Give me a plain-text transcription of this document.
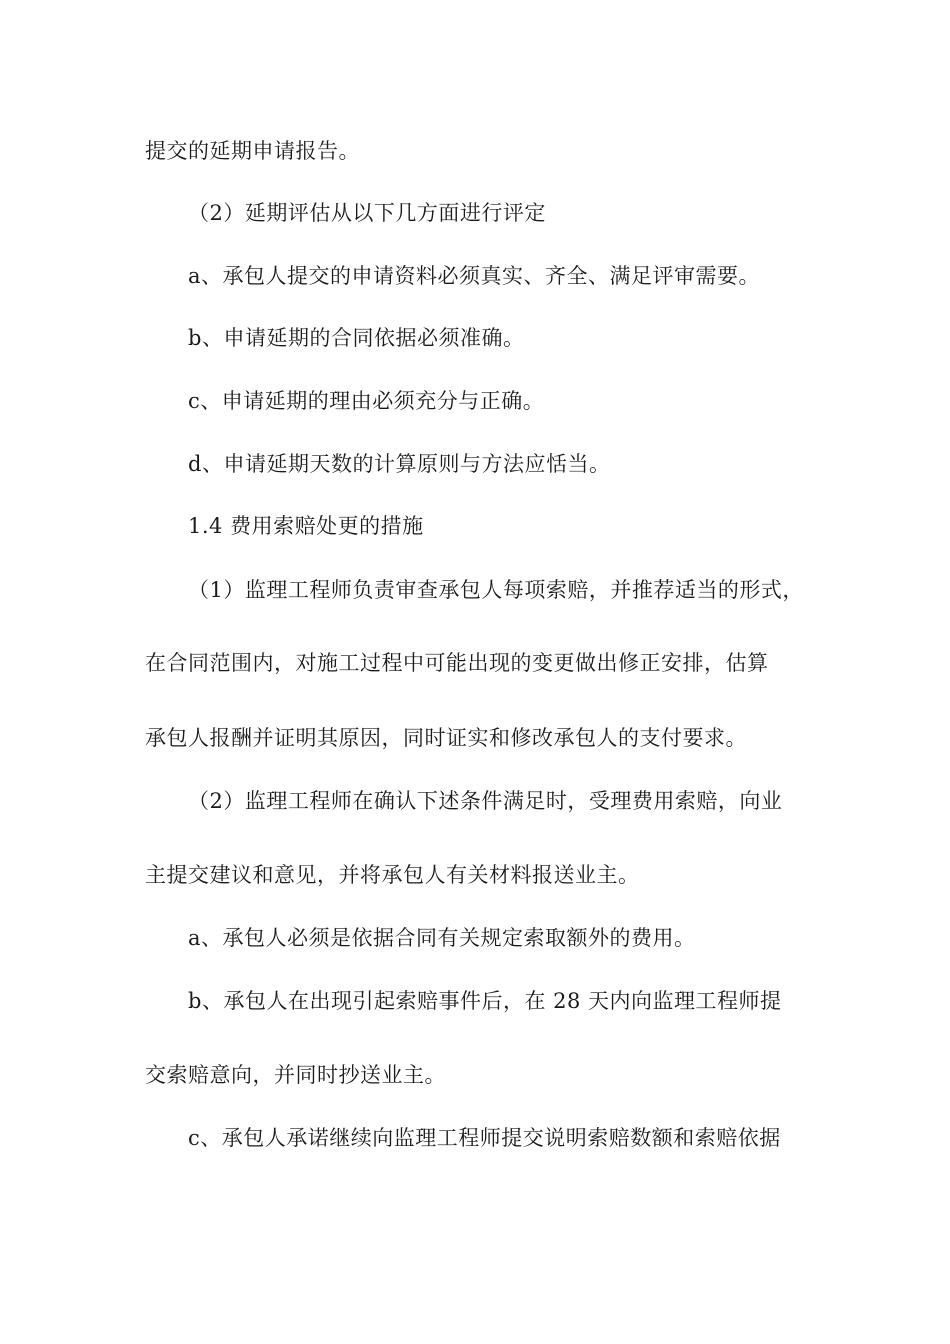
提交的延期申请报告。
（2）延期评估从以下几方面进行评定
a、承包人提交的申请资料必须真实、齐全、满足评审需要。
b、申请延期的合同依据必须准确。
c、申请延期的理由必须充分与正确。
d、申请延期天数的计算原则与方法应恬当。
1.4 费用索赔处更的措施
（1）监理工程师负责审查承包人每项索赔，并推荐适当的形式，
在合同范围内，对施工过程中可能出现的变更做出修正安排，估算
承包人报酬并证明其原因，同时证实和修改承包人的支付要求。
（2）监理工程师在确认下述条件满足时，受理费用索赔，向业
主提交建议和意见，并将承包人有关材料报送业主。
a、承包人必须是依据合同有关规定索取额外的费用。
b、承包人在出现引起索赔事件后，在 28 天内向监理工程师提
交索赔意向，并同时抄送业主。
c、承包人承诺继续向监理工程师提交说明索赔数额和索赔依据
